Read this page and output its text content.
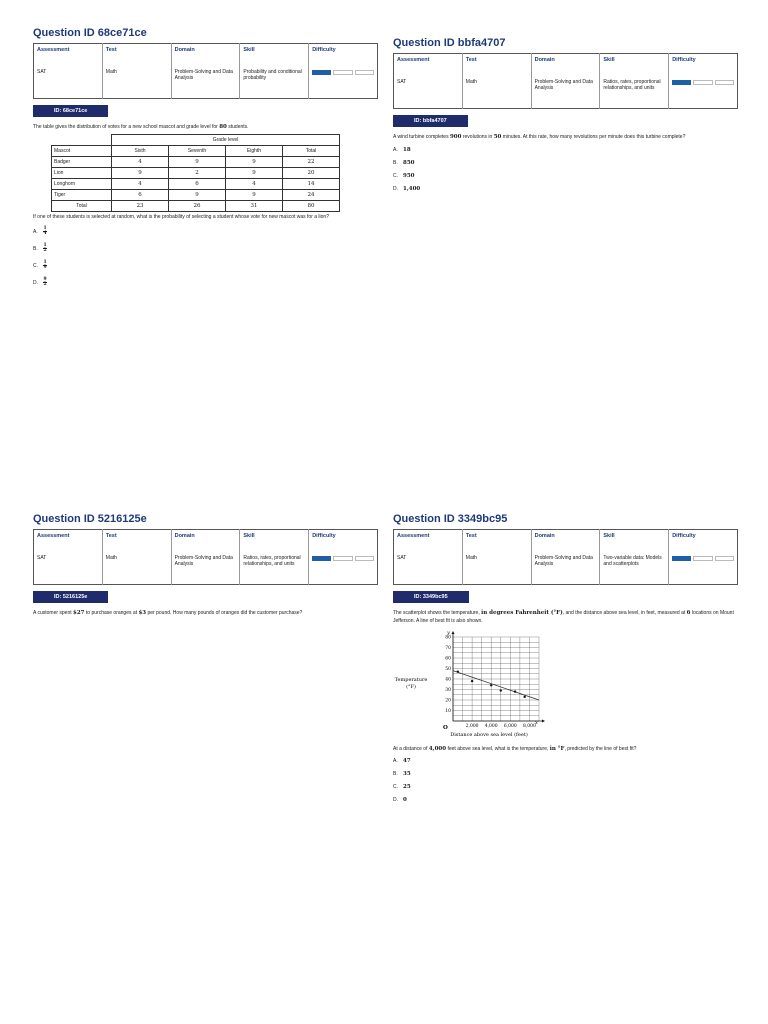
Question ID 68ce71ce
Assessment	Test	Domain	Skill	Difficulty
SAT	Math	Problem-Solving and Data Analysis	Probability and conditional probability	
ID: 68ce71ce
The table gives the distribution of votes for a new school mascot and grade level for 80 students.
	Grade level			
Mascot	Sixth	Seventh	Eighth	Total
Badger	4	9	9	22
Lion	9	2	9	20
Longhorn	4	6	4	14
Tiger	6	9	9	24
Total	23	26	31	80
If one of these students is selected at random, what is the probability of selecting a student whose vote for new mascot was for a lion?
A.	$\frac{1}{4}$
B.	$\frac{1}{2}$
C.	$\frac{1}{9}$
D.	$\frac{9}{2}$
Question ID bbfa4707
Assessment	Test	Domain	Skill	Difficulty
SAT	Math	Problem-Solving and Data Analysis	Ratios, rates, proportional relationships, and units	
ID: bbfa4707
A wind turbine completes 900 revolutions in 50 minutes. At this rate, how many revolutions per minute does this turbine complete?
A. 18
B. 850
C. 950
D. 1,400
Question ID 5216125e
Assessment	Test	Domain	Skill	Difficulty
SAT	Math	Problem-Solving and Data Analysis	Ratios, rates, proportional relationships, and units	
ID: 5216125e
A customer spent $27 to purchase oranges at $3 per pound. How many pounds of oranges did the customer purchase?
Question ID 3349bc95
Assessment	Test	Domain	Skill	Difficulty
SAT	Math	Problem-Solving and Data Analysis	Two-variable data: Models and scatterplots	
ID: 3349bc95
The scatterplot shows the temperature, in degrees Fahrenheit (°F), and the distance above sea level, in feet, measured at 6 locations on Mount Jefferson. A line of best fit is also shown.
10
20
30
40
50
60
70
80
2,000 4,000 6,000 8,000
Temperature
(°F)
Distance above sea level (feet)
y
x
O
At a distance of 4,000 feet above sea level, what is the temperature, in °F, predicted by the line of best fit?
A. 47
B. 35
C. 25
D. 0
